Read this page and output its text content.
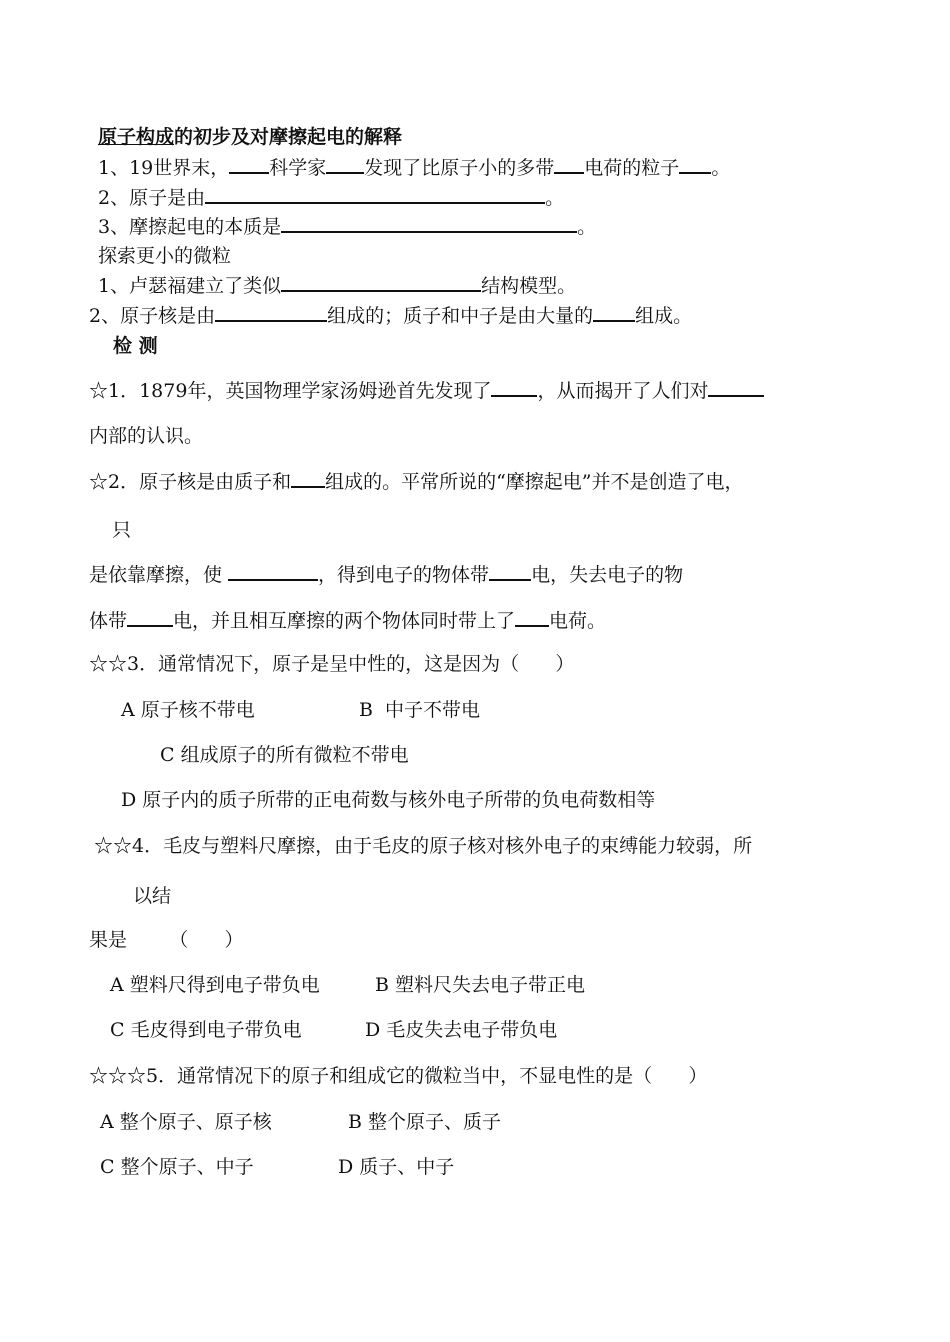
原子构成的初步及对摩擦起电的解释
1、19世界末， 科学家 发现了比原子小的多带 电荷的粒子 。
2、原子是由	。
3、摩擦起电的本质是	。
探索更小的微粒
1、卢瑟福建立了类似	结构模型。
2、原子核是由	组成的；质子和中子是由大量的 组成。
检 测
☆1．1879年，英国物理学家汤姆逊首先发现了 ，从而揭开了人们对
内部的认识。
☆2．原子核是由质子和 组成的。平常所说的“摩擦起电”并不是创造了电，
只
是依靠摩擦，使	，得到电子的物体带 电，失去电子的物
体带 电，并且相互摩擦的两个物体同时带上了 电荷。
☆☆3．通常情况下，原子是呈中性的，这是因为（      ）
A 原子核不带电	B  中子不带电
C 组成原子的所有微粒不带电
D 原子内的质子所带的正电荷数与核外电子所带的负电荷数相等
☆☆4．毛皮与塑料尺摩擦，由于毛皮的原子核对核外电子的束缚能力较弱，所
以结
果是       （      ）
A 塑料尺得到电子带负电	B 塑料尺失去电子带正电
C 毛皮得到电子带负电	D 毛皮失去电子带负电
☆☆☆5．通常情况下的原子和组成它的微粒当中，不显电性的是（      ）
A 整个原子、原子核	B 整个原子、质子
C 整个原子、中子	D 质子、中子
